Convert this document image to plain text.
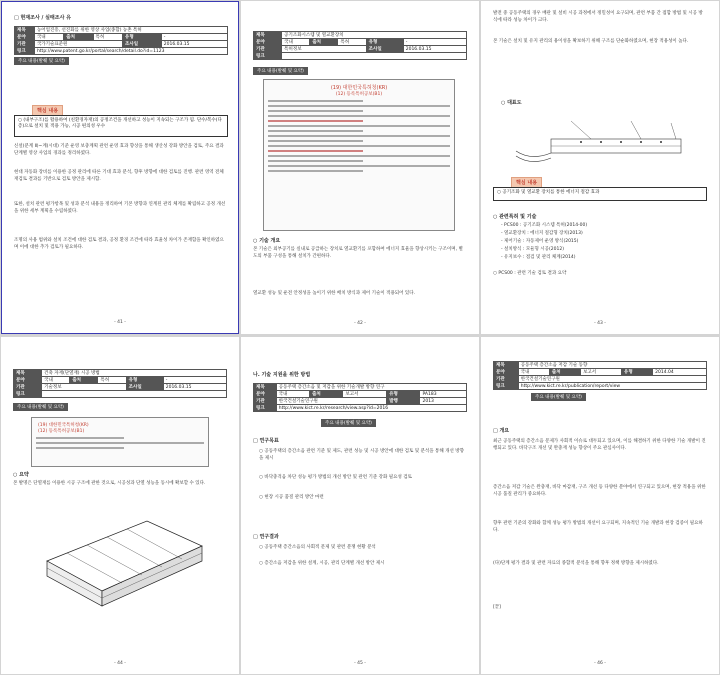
□ 현재조사 / 실태조사 유
제목	농어업진흥, 선진화를 위한 영상 사업(종합) 농촌 특허				
분야	국내	출처	특허	유형	-
기관	국가기술표준원			조사일	2016.03.15
링크	http://www.patent.go.kr/portal/search/detail.do?id=1123				
주요 내용(발췌 및 요약)
핵심 내용
○ (내부구조)를 활용하여 (친환경자재)의 공정조건을 개선하고 성능이 지속되는 구조가 됨. 단수/복수(다층)으로 설치 및 적용 가능, 시공 편의성 우수
신설(분계 Ⅱ)~계(시대) 기준 운영 보충계획 관련 운영 효과 향상을 통해 생산성 강화 방안을 검토, 주요 결과 단계별 영상 사업의 경과를 정리하였다.
현대 자동화 장비를 이용한 공정 관리에 따른 기대 효과 분석, 향후 방향에 대한 검토를 진행. 관련 영역 전체 재검토 결과를 기반으로 검토 방안을 제시함.
또한, 설치 관련 평가항목 및 성과 분석 내용을 정리하여 기본 방향과 연계된 관리 체계를 확립하고 공정 개선을 위한 세부 계획을 수립하였다.
조명의 사용 범위와 설치 조건에 대한 검토 결과, 공정 환경 조건에 따라 효율성 차이가 존재함을 확인하였으며 이에 대한 추가 검토가 필요하다.
- 41 -
제목	공기조화시스템 및 열교환장치				
분야	국내	출처	특허	유형	-
기관	특허정보			조사일	2016.03.15
링크					
주요 내용(발췌 및 요약)
(19) 대한민국특허청(KR)
(12) 등록특허공보(B1)
○ 기술 개요
본 기술은 외부공기를 실내로 공급하는 장치로 열교환기를 포함하여 에너지 효율을 향상시키는 구조이며, 별도의 부품 구성을 통해 설치가 간편하다.
열교환 성능 및 운전 안정성을 높이기 위한 배치 방식과 제어 기술이 적용되어 있다.
- 42 -
발전 중 공동주택의 경우 배관 및 설비 시공 과정에서 정밀성이 요구되며, 관련 부품 간 접합 방법 및 시공 방식에 따라 성능 차이가 크다.
본 기술은 설치 및 유지 관리의 용이성을 확보하기 위해 구조를 단순화하였으며, 현장 적용성이 높다.
○ 대표도
핵심 내용
○ 공기조화 및 열교환 장치를 통한 에너지 절감 효과
○ 관련특허 및 기술
- PCS00 : 공기조화 시스템 특허(2014-00)
- 열교환장치 : 에너지 절감형 장치(2013)
- 제어기술 : 자동제어 운영 방식(2015)
- 설치방식 : 모듈형 시공(2012)
- 유지보수 : 점검 및 관리 체계(2014)
○ PCS00 : 관련 기술 검토 결과 요약
- 43 -
제목	건축 자재(단열재) 시공 방법				
분야	국내	출처	특허	유형	-
기관	기술정보			조사일	2016.03.15
링크					
주요 내용(발췌 및 요약)
(19) 대한민국특허청(KR)
(12) 등록특허공보(B1)
○ 요약
본 발명은 단열재를 이용한 시공 구조에 관한 것으로, 시공성과 단열 성능을 동시에 확보할 수 있다.
- 44 -
나. 기술 지원을 위한 방법
제목	공동주택 층간소음 및 저감을 위한 기술개발 방향 연구				
분야	국내	출처	보고서	유형	PA183
기관	한국건설기술연구원			발행	2013
링크	http://www.kict.re.kr/research/view.asp?id=2016				
주요 내용(발췌 및 요약)
□ 연구목표
○ 공동주택의 층간소음 관련 기준 및 제도, 관련 성능 및 시공 방안에 대한 검토 및 분석을 통해 개선 방향을 제시
○ 바닥충격음 차단 성능 평가 방법의 개선 방안 및 관련 기준 강화 필요성 검토
○ 현장 시공 품질 관리 방안 마련
□ 연구결과
○ 공동주택 층간소음의 사회적 문제 및 관련 분쟁 현황 분석
○ 층간소음 저감을 위한 설계, 시공, 관리 단계별 개선 방안 제시
- 45 -
제목	공동주택 층간소음 저감 기술 동향				
분야	국내	출처	보고서	유형	2014.04
기관	한국건설기술연구원				
링크	http://www.kict.re.kr/publication/report/view				
주요 내용(발췌 및 요약)
□ 개요
최근 공동주택의 층간소음 문제가 사회적 이슈로 대두되고 있으며, 이를 해결하기 위한 다양한 기술 개발이 진행되고 있다. 바닥구조 개선 및 완충재 성능 향상이 주요 관심사이다.
층간소음 저감 기술은 완충재, 바닥 마감재, 구조 개선 등 다양한 분야에서 연구되고 있으며, 현장 적용을 위한 시공 품질 관리가 중요하다.
향후 관련 기준의 강화와 함께 성능 평가 방법의 개선이 요구되며, 지속적인 기술 개발과 현장 검증이 필요하다.
(다)단계 평가 결과 및 관련 자료의 종합적 분석을 통해 향후 정책 방향을 제시하였다.
[끝]
- 46 -
